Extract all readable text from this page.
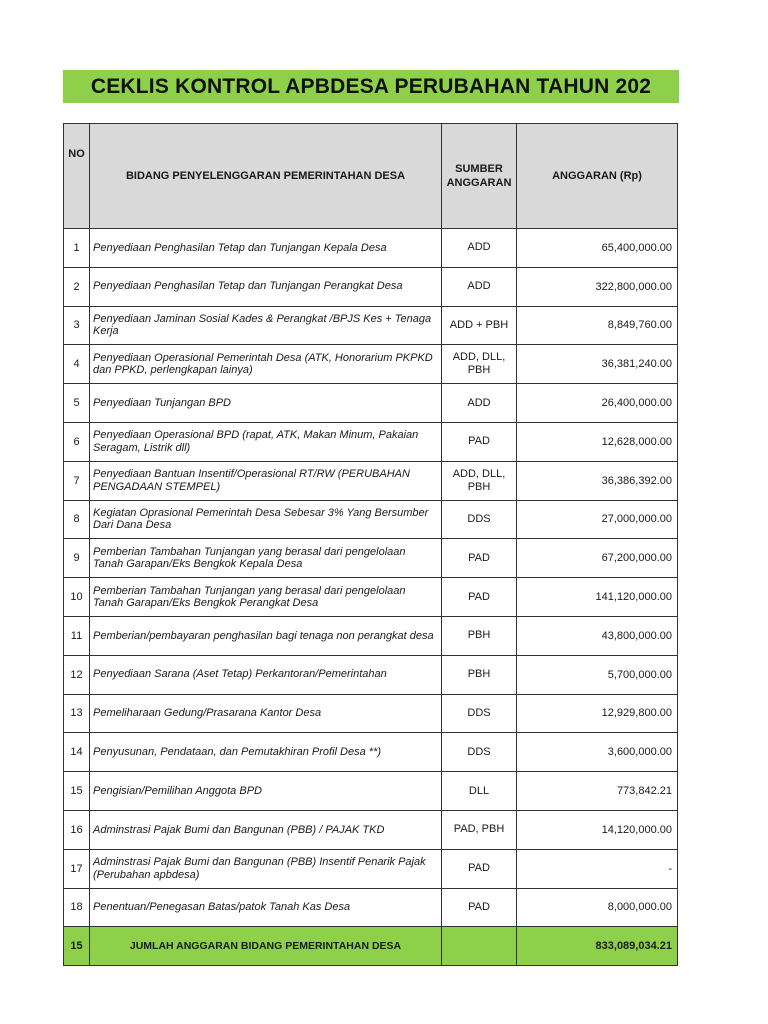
CEKLIS KONTROL APBDESA PERUBAHAN TAHUN 202
NO	BIDANG PENYELENGGARAN PEMERINTAHAN DESA	SUMBER ANGGARAN	ANGGARAN (Rp)
1	Penyediaan Penghasilan Tetap dan Tunjangan Kepala Desa	ADD	65,400,000.00
2	Penyediaan Penghasilan Tetap dan Tunjangan Perangkat Desa	ADD	322,800,000.00
3	Penyediaan Jaminan Sosial Kades & Perangkat /BPJS Kes + Tenaga Kerja	ADD + PBH	8,849,760.00
4	Penyediaan Operasional Pemerintah Desa (ATK, Honorarium PKPKD dan PPKD, perlengkapan lainya)	ADD, DLL, PBH	36,381,240.00
5	Penyediaan Tunjangan BPD	ADD	26,400,000.00
6	Penyediaan Operasional BPD (rapat, ATK, Makan Minum, Pakaian Seragam, Listrik dll)	PAD	12,628,000.00
7	Penyediaan Bantuan Insentif/Operasional RT/RW (PERUBAHAN PENGADAAN STEMPEL)	ADD, DLL, PBH	36,386,392.00
8	Kegiatan Oprasional Pemerintah Desa Sebesar 3% Yang Bersumber Dari Dana Desa	DDS	27,000,000.00
9	Pemberian Tambahan Tunjangan yang berasal dari pengelolaan Tanah Garapan/Eks Bengkok Kepala Desa	PAD	67,200,000.00
10	Pemberian Tambahan Tunjangan yang berasal dari pengelolaan Tanah Garapan/Eks Bengkok Perangkat Desa	PAD	141,120,000.00
11	Pemberian/pembayaran penghasilan bagi tenaga non perangkat desa	PBH	43,800,000.00
12	Penyediaan Sarana (Aset Tetap) Perkantoran/Pemerintahan	PBH	5,700,000.00
13	Pemeliharaan Gedung/Prasarana Kantor Desa	DDS	12,929,800.00
14	Penyusunan, Pendataan, dan Pemutakhiran Profil Desa **)	DDS	3,600,000.00
15	Pengisian/Pemilihan Anggota BPD	DLL	773,842.21
16	Adminstrasi Pajak Bumi dan Bangunan (PBB) / PAJAK TKD	PAD, PBH	14,120,000.00
17	Adminstrasi Pajak Bumi dan Bangunan (PBB) Insentif Penarik Pajak (Perubahan apbdesa)	PAD	-
18	Penentuan/Penegasan Batas/patok Tanah Kas Desa	PAD	8,000,000.00
15	JUMLAH ANGGARAN BIDANG PEMERINTAHAN DESA		833,089,034.21
